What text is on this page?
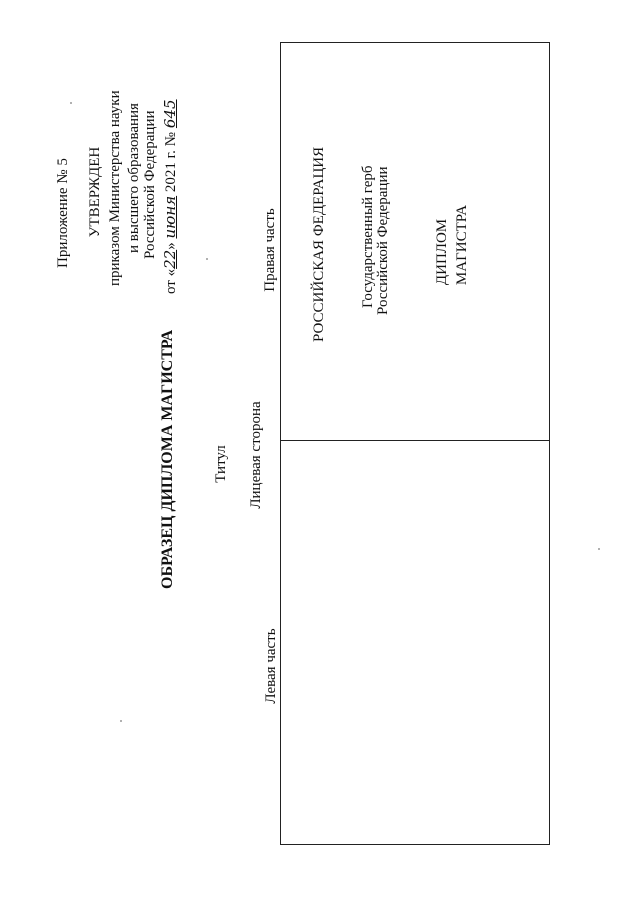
Приложение № 5 УТВЕРЖДЕН приказом Министерства науки и высшего образования Российской Федерации
от «22» июня 2021 г. №645
ОБРАЗЕЦ ДИПЛОМА МАГИСТРА Титул Лицевая сторона
Правая часть
Левая часть
РОССИЙСКАЯ ФЕДЕРАЦИЯ Государственный герб Российской Федерации	ДИПЛОМ МАГИСТРА
